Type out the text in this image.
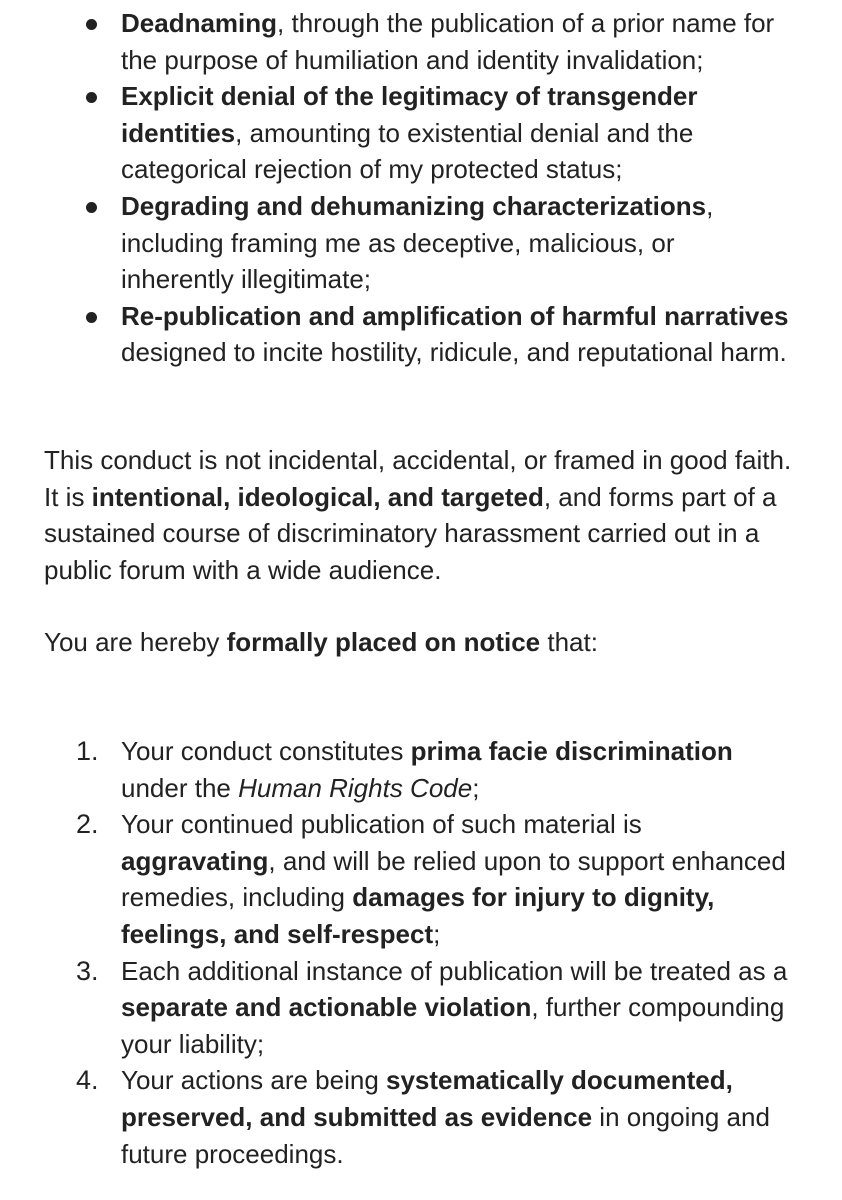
Deadnaming, through the publication of a prior name for the purpose of humiliation and identity invalidation;
Explicit denial of the legitimacy of transgender identities, amounting to existential denial and the categorical rejection of my protected status;
Degrading and dehumanizing characterizations, including framing me as deceptive, malicious, or inherently illegitimate;
Re-publication and amplification of harmful narratives designed to incite hostility, ridicule, and reputational harm.

This conduct is not incidental, accidental, or framed in good faith. It is intentional, ideological, and targeted, and forms part of a sustained course of discriminatory harassment carried out in a public forum with a wide audience.

You are hereby formally placed on notice that:

1. Your conduct constitutes prima facie discrimination under the Human Rights Code;
2. Your continued publication of such material is aggravating, and will be relied upon to support enhanced remedies, including damages for injury to dignity, feelings, and self-respect;
3. Each additional instance of publication will be treated as a separate and actionable violation, further compounding your liability;
4. Your actions are being systematically documented, preserved, and submitted as evidence in ongoing and future proceedings.
